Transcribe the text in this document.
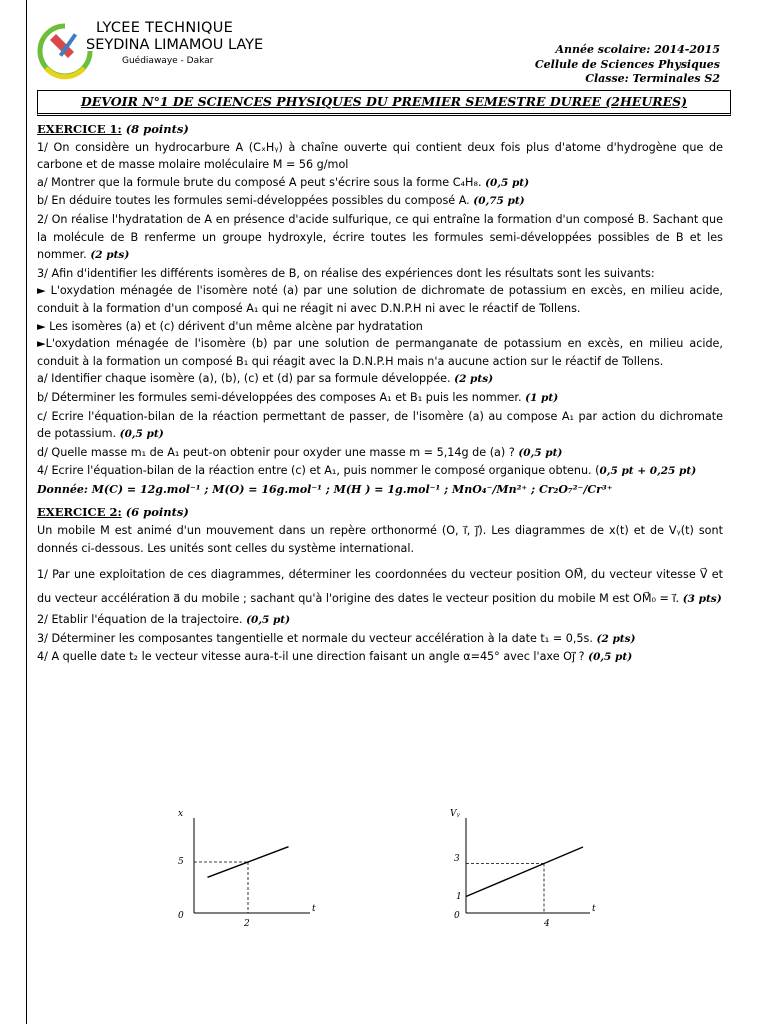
LYCEE TECHNIQUE
SEYDINA LIMAMOU LAYE
Guédiawaye - Dakar
Année scolaire: 2014-2015
Cellule de Sciences Physiques
Classe: Terminales S2
DEVOIR N°1 DE SCIENCES PHYSIQUES DU PREMIER SEMESTRE DUREE (2HEURES)

EXERCICE 1: (8 points)

1/ On considère un hydrocarbure A (CₓHᵧ) à chaîne ouverte qui contient deux fois plus d'atome d'hydrogène que de carbone et de masse molaire moléculaire M = 56 g/mol

a/ Montrer que la formule brute du composé A peut s'écrire sous la forme C₄H₈. (0,5 pt)

b/ En déduire toutes les formules semi-développées possibles du composé A. (0,75 pt)

2/ On réalise l'hydratation de A en présence d'acide sulfurique, ce qui entraîne la formation d'un composé B. Sachant que la molécule de B renferme un groupe hydroxyle, écrire toutes les formules semi-développées possibles de B et les nommer. (2 pts)

3/ Afin d'identifier les différents isomères de B, on réalise des expériences dont les résultats sont les suivants:

► L'oxydation ménagée de l'isomère noté (a) par une solution de dichromate de potassium en excès, en milieu acide, conduit à la formation d'un composé A₁ qui ne réagit ni avec D.N.P.H ni avec le réactif de Tollens.

► Les isomères (a) et (c) dérivent d'un même alcène par hydratation

►L'oxydation ménagée de l'isomère (b) par une solution de permanganate de potassium en excès, en milieu acide, conduit à la formation un composé B₁ qui réagit avec la D.N.P.H mais n'a aucune action sur le réactif de Tollens.

a/ Identifier chaque isomère (a), (b), (c) et (d) par sa formule développée. (2 pts)

b/ Déterminer les formules semi-développées des composes A₁ et B₁ puis les nommer. (1 pt)

c/ Ecrire l'équation-bilan de la réaction permettant de passer, de l'isomère (a) au compose A₁ par action du dichromate de potassium. (0,5 pt)

d/ Quelle masse m₁ de A₁ peut-on obtenir pour oxyder une masse m = 5,14g de (a) ? (0,5 pt)

4/ Ecrire l'équation-bilan de la réaction entre (c) et A₁, puis nommer le composé organique obtenu. (0,5 pt + 0,25 pt)

Donnée: M(C) = 12g.mol⁻¹ ; M(O) = 16g.mol⁻¹ ; M(H ) = 1g.mol⁻¹ ; MnO₄⁻/Mn²⁺ ; Cr₂O₇²⁻/Cr³⁺

EXERCICE 2: (6 points)

Un mobile M est animé d'un mouvement dans un repère orthonormé (O, i⃗, j⃗). Les diagrammes de x(t) et de Vᵧ(t) sont donnés ci-dessous. Les unités sont celles du système international.

1/ Par une exploitation de ces diagrammes, déterminer les coordonnées du vecteur position OM⃗, du vecteur vitesse V⃗ et du vecteur accélération a⃗ du mobile ; sachant qu'à l'origine des dates le vecteur position du mobile M est OM⃗₀ = i⃗. (3 pts)

2/ Etablir l'équation de la trajectoire. (0,5 pt)

3/ Déterminer les composantes tangentielle et normale du vecteur accélération à la date t₁ = 0,5s. (2 pts)

4/ A quelle date t₂ le vecteur vitesse aura-t-il une direction faisant un angle α=45° avec l'axe Oj⃗ ? (0,5 pt)

x
t
0
5
2
Vᵧ
t
0
3
1
4
